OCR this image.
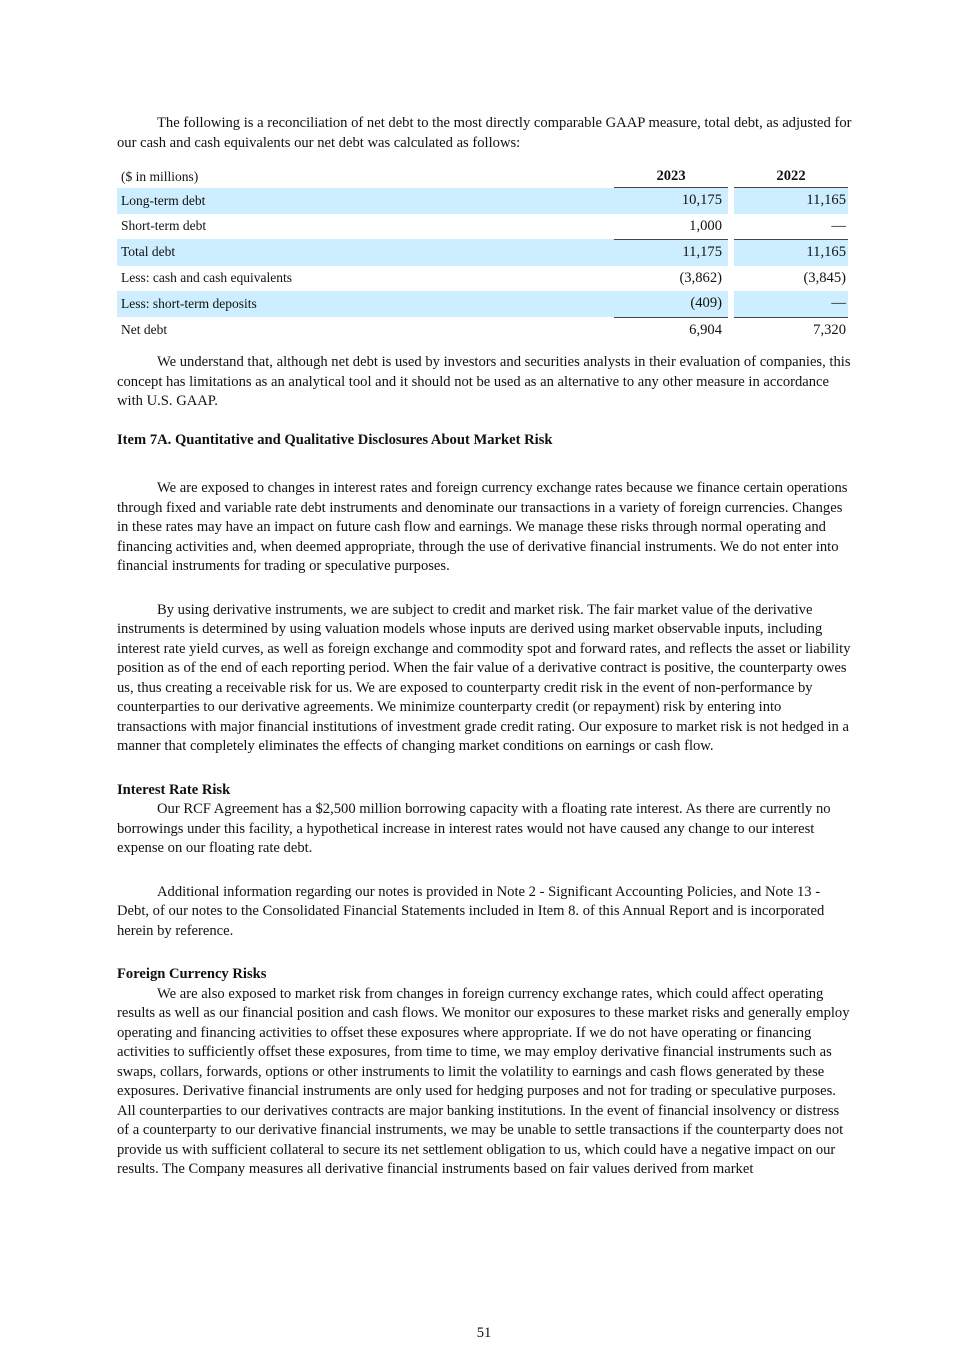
The following is a reconciliation of net debt to the most directly comparable GAAP measure, total debt, as adjusted for our cash and cash equivalents our net debt was calculated as follows:

($ in millions)	2023		2022
Long-term debt	10,175		11,165
Short-term debt	1,000		—
Total debt	11,175		11,165
Less: cash and cash equivalents	(3,862)		(3,845)
Less: short-term deposits	(409)		—
Net debt	6,904		7,320

We understand that, although net debt is used by investors and securities analysts in their evaluation of companies, this concept has limitations as an analytical tool and it should not be used as an alternative to any other measure in accordance with U.S. GAAP.

Item 7A. Quantitative and Qualitative Disclosures About Market Risk

We are exposed to changes in interest rates and foreign currency exchange rates because we finance certain operations through fixed and variable rate debt instruments and denominate our transactions in a variety of foreign currencies. Changes in these rates may have an impact on future cash flow and earnings. We manage these risks through normal operating and financing activities and, when deemed appropriate, through the use of derivative financial instruments. We do not enter into financial instruments for trading or speculative purposes.

By using derivative instruments, we are subject to credit and market risk. The fair market value of the derivative instruments is determined by using valuation models whose inputs are derived using market observable inputs, including interest rate yield curves, as well as foreign exchange and commodity spot and forward rates, and reflects the asset or liability position as of the end of each reporting period. When the fair value of a derivative contract is positive, the counterparty owes us, thus creating a receivable risk for us. We are exposed to counterparty credit risk in the event of non-performance by counterparties to our derivative agreements. We minimize counterparty credit (or repayment) risk by entering into transactions with major financial institutions of investment grade credit rating. Our exposure to market risk is not hedged in a manner that completely eliminates the effects of changing market conditions on earnings or cash flow.

Interest Rate Risk

Our RCF Agreement has a $2,500 million borrowing capacity with a floating rate interest. As there are currently no borrowings under this facility, a hypothetical increase in interest rates would not have caused any change to our interest expense on our floating rate debt.

Additional information regarding our notes is provided in Note 2 - Significant Accounting Policies, and Note 13 - Debt, of our notes to the Consolidated Financial Statements included in Item 8. of this Annual Report and is incorporated herein by reference.

Foreign Currency Risks

We are also exposed to market risk from changes in foreign currency exchange rates, which could affect operating results as well as our financial position and cash flows. We monitor our exposures to these market risks and generally employ operating and financing activities to offset these exposures where appropriate. If we do not have operating or financing activities to sufficiently offset these exposures, from time to time, we may employ derivative financial instruments such as swaps, collars, forwards, options or other instruments to limit the volatility to earnings and cash flows generated by these exposures. Derivative financial instruments are only used for hedging purposes and not for trading or speculative purposes. All counterparties to our derivatives contracts are major banking institutions. In the event of financial insolvency or distress of a counterparty to our derivative financial instruments, we may be unable to settle transactions if the counterparty does not provide us with sufficient collateral to secure its net settlement obligation to us, which could have a negative impact on our results. The Company measures all derivative financial instruments based on fair values derived from market

51
